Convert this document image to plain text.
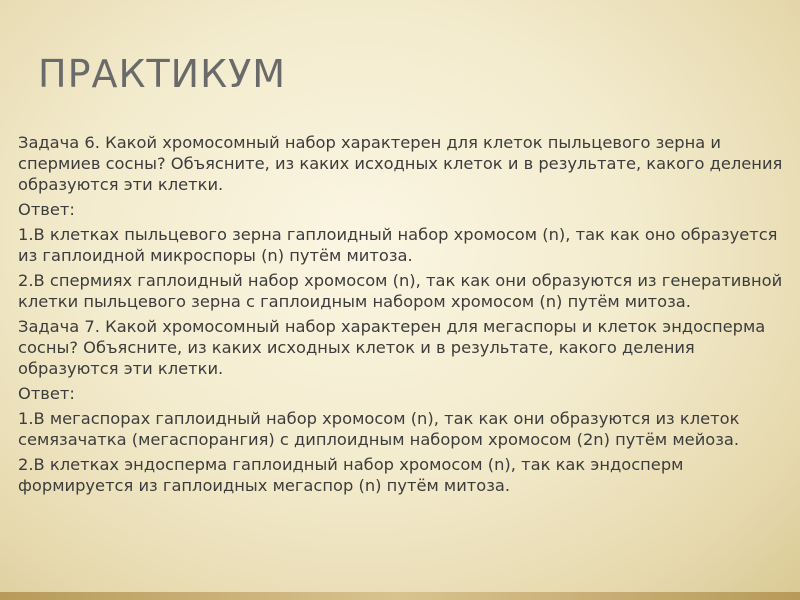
ПРАКТИКУМ

Задача 6. Какой хромосомный набор характерен для клеток пыльцевого зерна и спермиев сосны? Объясните, из каких исходных клеток и в результате, какого деления образуются эти клетки.

Ответ:

1.В клетках пыльцевого зерна гаплоидный набор хромосом (n), так как оно образуется из гаплоидной микроспоры (n) путём митоза.

2.В спермиях гаплоидный набор хромосом (n), так как они образуются из генеративной клетки пыльцевого зерна с гаплоидным набором хромосом (n) путём митоза.

Задача 7. Какой хромосомный набор характерен для мегаспоры и клеток эндосперма сосны? Объясните, из каких исходных клеток и в результате, какого деления образуются эти клетки.

Ответ:

1.В мегаспорах гаплоидный набор хромосом (n), так как они образуются из клеток семязачатка (мегаспорангия) с диплоидным набором хромосом (2n) путём мейоза.

2.В клетках эндосперма гаплоидный набор хромосом (n), так как эндосперм формируется из гаплоидных мегаспор (n) путём митоза.
